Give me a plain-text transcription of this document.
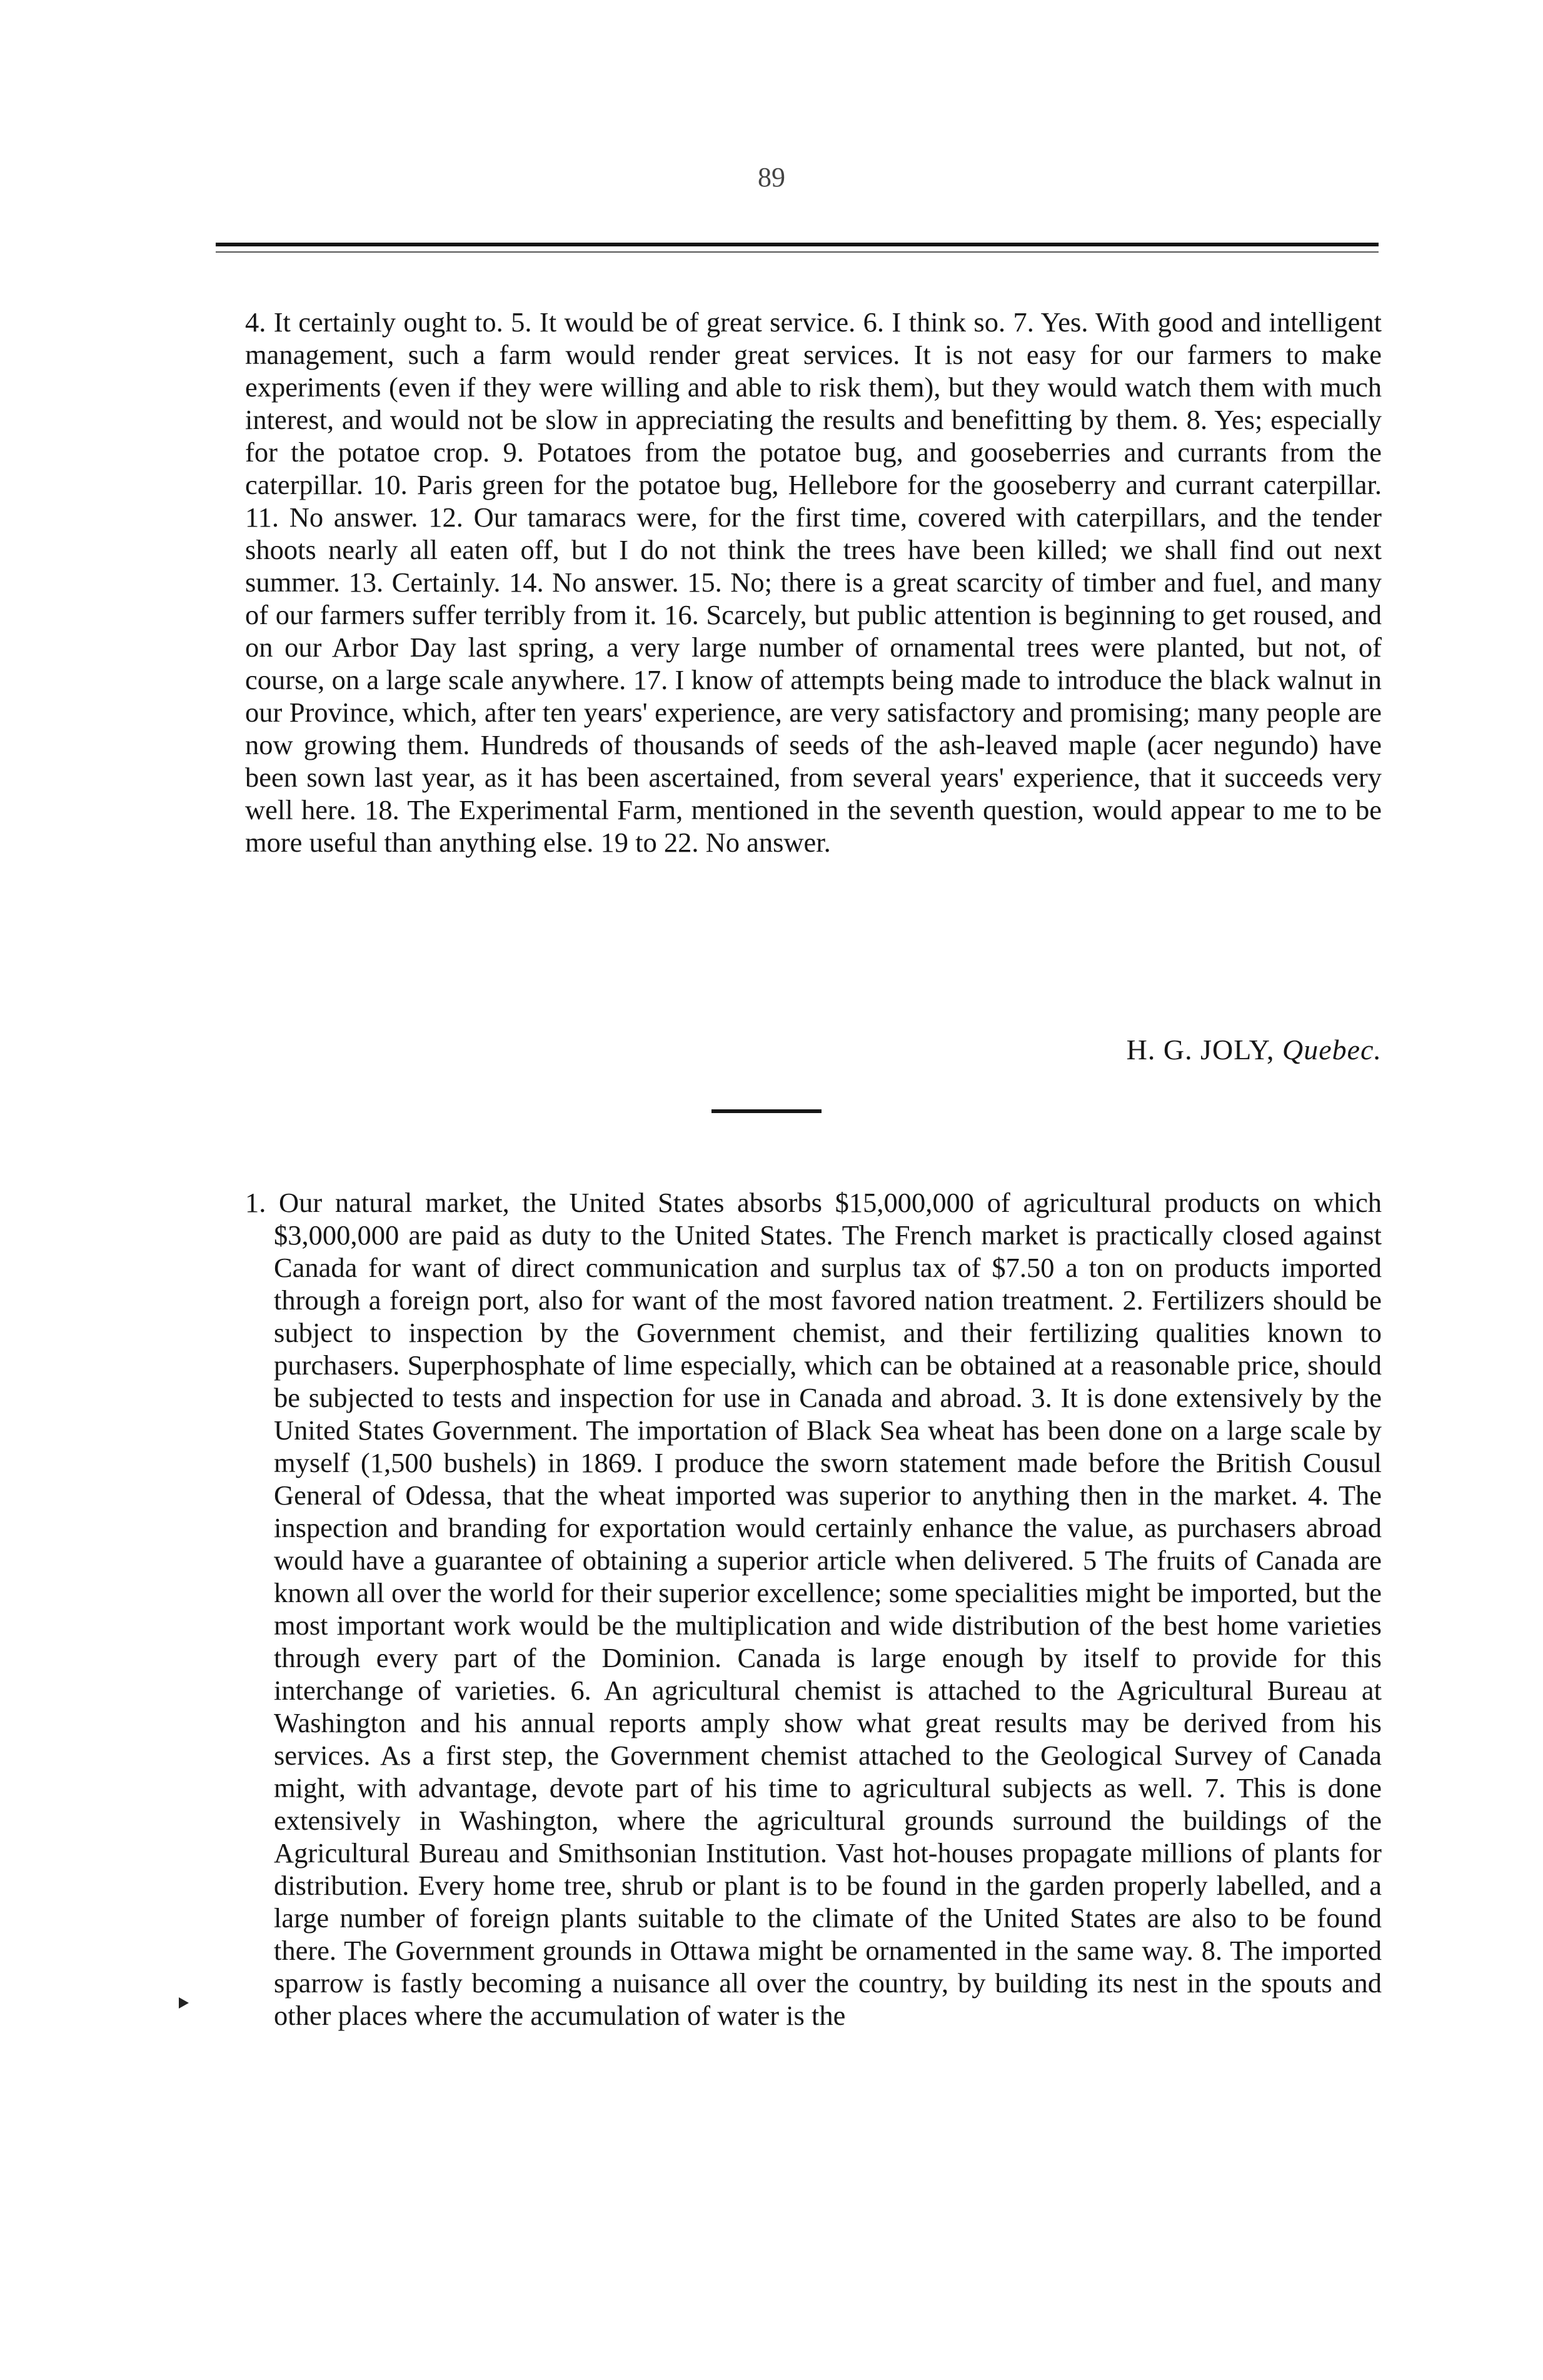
89

4. It certainly ought to. 5. It would be of great service. 6. I think so. 7. Yes. With good and intelligent management, such a farm would render great services. It is not easy for our farmers to make experiments (even if they were willing and able to risk them), but they would watch them with much interest, and would not be slow in appreciating the results and benefitting by them. 8. Yes; especially for the potatoe crop. 9. Potatoes from the potatoe bug, and gooseberries and currants from the caterpillar. 10. Paris green for the potatoe bug, Hellebore for the gooseberry and currant caterpillar. 11. No answer. 12. Our tamaracs were, for the first time, covered with caterpillars, and the tender shoots nearly all eaten off, but I do not think the trees have been killed; we shall find out next summer. 13. Certainly. 14. No answer. 15. No; there is a great scarcity of timber and fuel, and many of our farmers suffer terribly from it. 16. Scarcely, but public attention is beginning to get roused, and on our Arbor Day last spring, a very large number of ornamental trees were planted, but not, of course, on a large scale anywhere. 17. I know of attempts being made to introduce the black walnut in our Province, which, after ten years' experience, are very satisfactory and promising; many people are now growing them. Hundreds of thousands of seeds of the ash-leaved maple (acer negundo) have been sown last year, as it has been ascertained, from several years' experience, that it succeeds very well here. 18. The Experimental Farm, mentioned in the seventh question, would appear to me to be more useful than anything else. 19 to 22. No answer.

H. G. JOLY, Quebec.

1. Our natural market, the United States absorbs $15,000,000 of agricultural products on which $3,000,000 are paid as duty to the United States. The French market is practically closed against Canada for want of direct communication and surplus tax of $7.50 a ton on products imported through a foreign port, also for want of the most favored nation treatment. 2. Fertilizers should be subject to inspection by the Government chemist, and their fertilizing qualities known to purchasers. Superphosphate of lime especially, which can be obtained at a reasonable price, should be subjected to tests and inspection for use in Canada and abroad. 3. It is done extensively by the United States Government. The importation of Black Sea wheat has been done on a large scale by myself (1,500 bushels) in 1869. I produce the sworn statement made before the British Cousul General of Odessa, that the wheat imported was superior to anything then in the market. 4. The inspection and branding for exportation would certainly enhance the value, as purchasers abroad would have a guarantee of obtaining a superior article when delivered. 5 The fruits of Canada are known all over the world for their superior excellence; some specialities might be imported, but the most important work would be the multiplication and wide distribution of the best home varieties through every part of the Dominion. Canada is large enough by itself to provide for this interchange of varieties. 6. An agricultural chemist is attached to the Agricultural Bureau at Washington and his annual reports amply show what great results may be derived from his services. As a first step, the Government chemist attached to the Geological Survey of Canada might, with advantage, devote part of his time to agricultural subjects as well. 7. This is done extensively in Washington, where the agricultural grounds surround the buildings of the Agricultural Bureau and Smithsonian Institution. Vast hot-houses propagate millions of plants for distribution. Every home tree, shrub or plant is to be found in the garden properly labelled, and a large number of foreign plants suitable to the climate of the United States are also to be found there. The Government grounds in Ottawa might be ornamented in the same way. 8. The imported sparrow is fastly becoming a nuisance all over the country, by building its nest in the spouts and other places where the accumulation of water is the
